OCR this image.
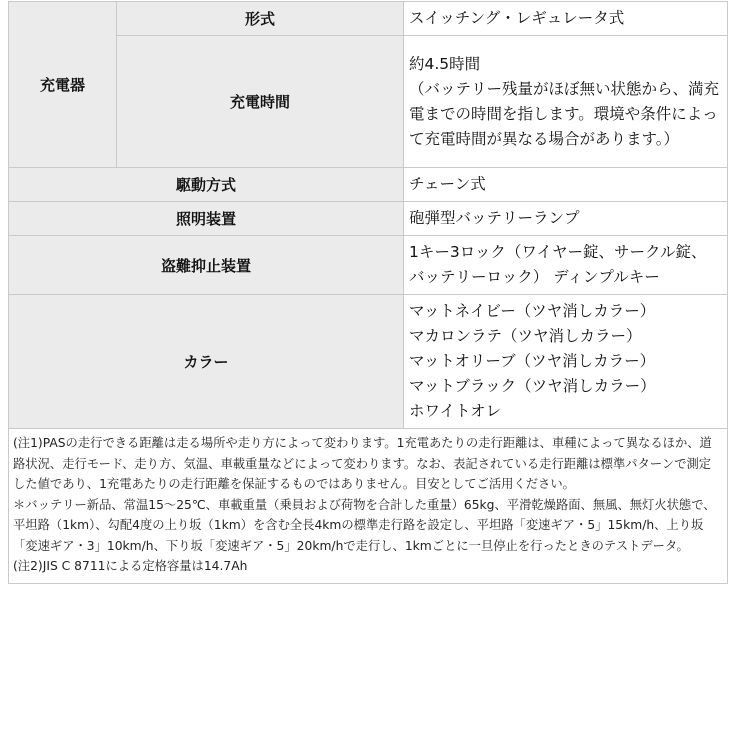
充電器	形式	スイッチング・レギュレータ式

	充電時間	約4.5時間
（バッテリー残量がほぼ無い状態から、満充電までの時間を指します。環境や条件によって充電時間が異なる場合があります。）

駆動方式		チェーン式

照明装置		砲弾型バッテリーランプ

盗難抑止装置		1キー3ロック（ワイヤー錠、サークル錠、バッテリーロック） ディンプルキー

カラー		マットネイビー（ツヤ消しカラー）
マカロンラテ（ツヤ消しカラー）
マットオリーブ（ツヤ消しカラー）
マットブラック（ツヤ消しカラー）
ホワイトオレ

(注1)PASの走行できる距離は走る場所や走り方によって変わります。1充電あたりの走行距離は、車種によって異なるほか、道路状況、走行モード、走り方、気温、車載重量などによって変わります。なお、表記されている走行距離は標準パターンで測定した値であり、1充電あたりの走行距離を保証するものではありません。目安としてご活用ください。

＊バッテリー新品、常温15～25℃、車載重量（乗員および荷物を合計した重量）65kg、平滑乾燥路面、無風、無灯火状態で、平坦路（1km）、勾配4度の上り坂（1km）を含む全長4kmの標準走行路を設定し、平坦路「変速ギア・5」15km/h、上り坂「変速ギア・3」10km/h、下り坂「変速ギア・5」20km/hで走行し、1kmごとに一旦停止を行ったときのテストデータ。

(注2)JIS C 8711による定格容量は14.7Ah		
